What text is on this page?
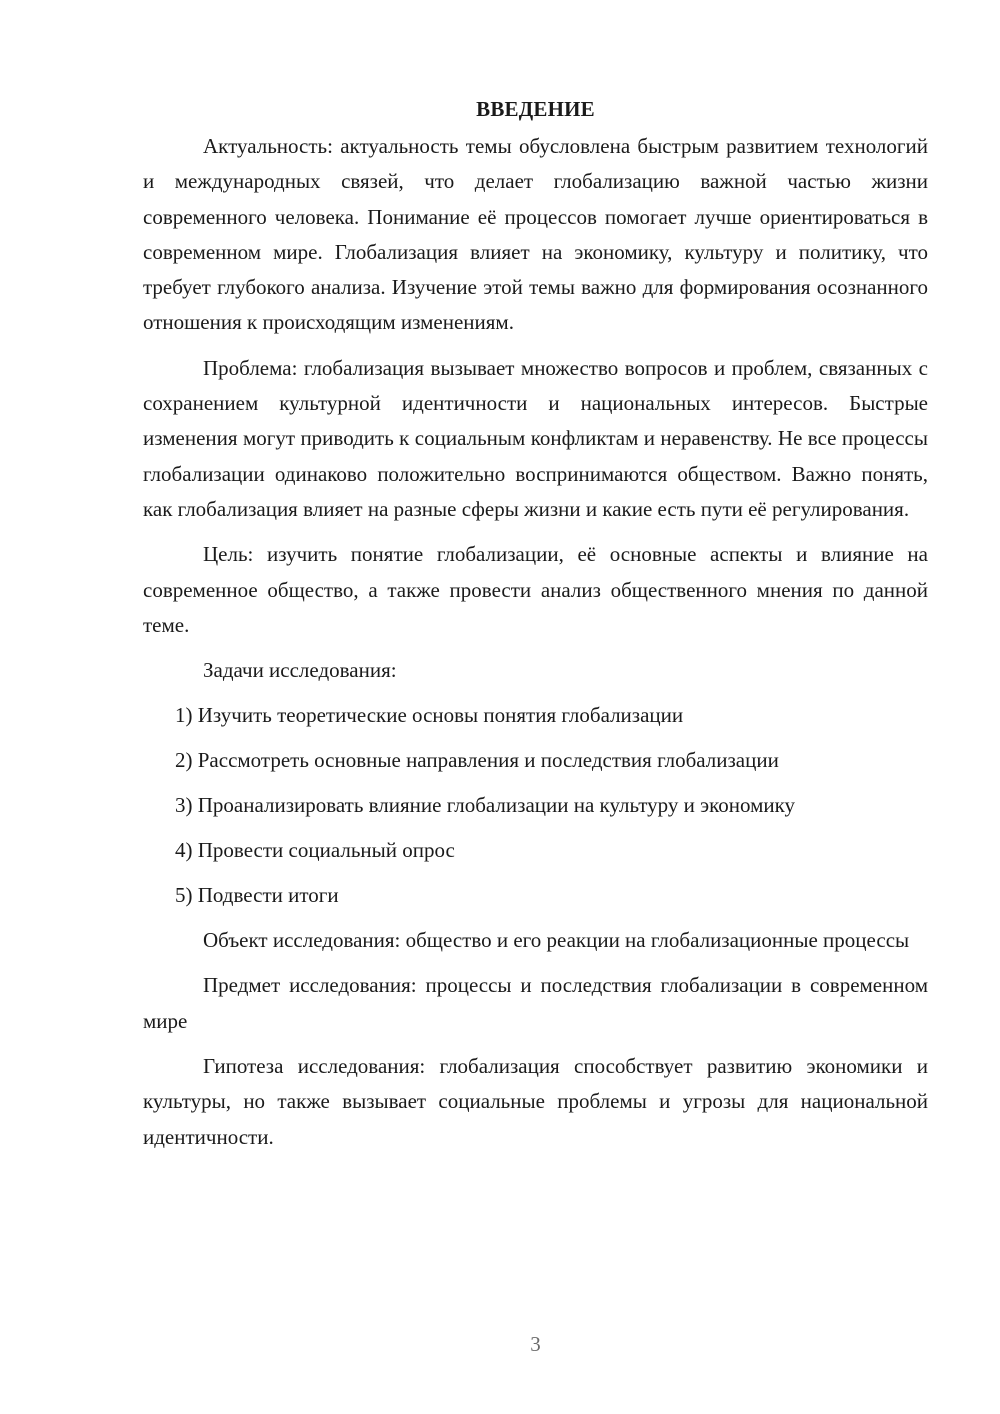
ВВЕДЕНИЕ

Актуальность: актуальность темы обусловлена быстрым развитием технологий и международных связей, что делает глобализацию важной частью жизни современного человека. Понимание её процессов помогает лучше ориентироваться в современном мире. Глобализация влияет на экономику, культуру и политику, что требует глубокого анализа. Изучение этой темы важно для формирования осознанного отношения к происходящим изменениям.

Проблема: глобализация вызывает множество вопросов и проблем, связанных с сохранением культурной идентичности и национальных интересов. Быстрые изменения могут приводить к социальным конфликтам и неравенству. Не все процессы глобализации одинаково положительно воспринимаются обществом. Важно понять, как глобализация влияет на разные сферы жизни и какие есть пути её регулирования.

Цель: изучить понятие глобализации, её основные аспекты и влияние на современное общество, а также провести анализ общественного мнения по данной теме.

Задачи исследования:
1) Изучить теоретические основы понятия глобализации
2) Рассмотреть основные направления и последствия глобализации
3) Проанализировать влияние глобализации на культуру и экономику
4) Провести социальный опрос
5) Подвести итоги

Объект исследования: общество и его реакции на глобализационные процессы

Предмет исследования: процессы и последствия глобализации в современном мире

Гипотеза исследования: глобализация способствует развитию экономики и культуры, но также вызывает социальные проблемы и угрозы для национальной идентичности.

3
